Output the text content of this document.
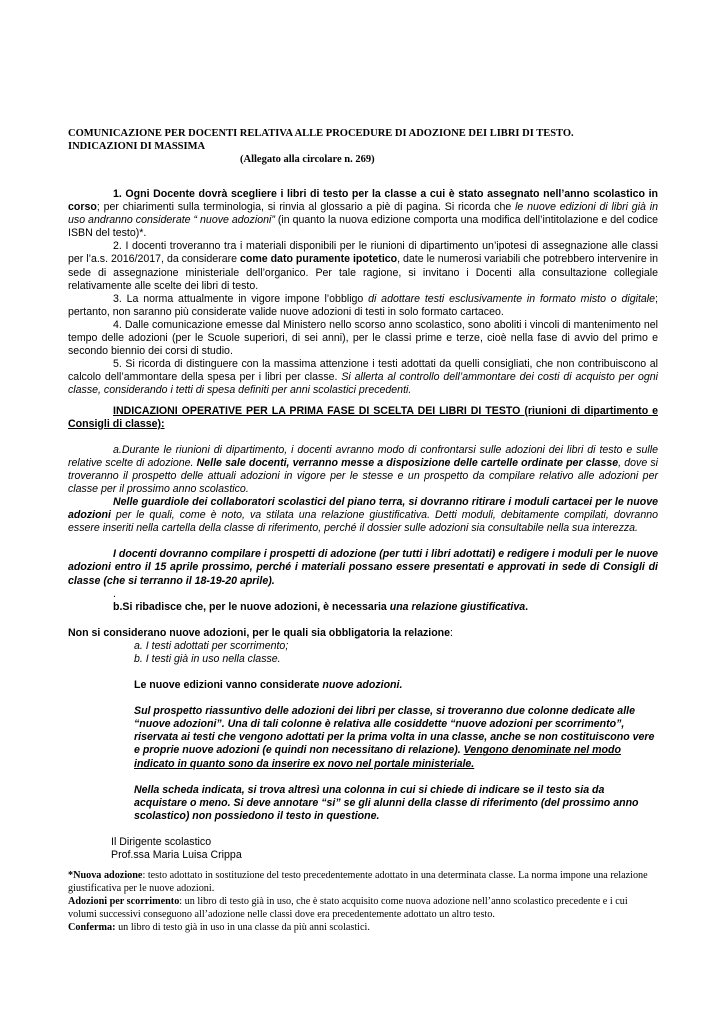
COMUNICAZIONE PER DOCENTI RELATIVA ALLE PROCEDURE DI ADOZIONE DEI LIBRI DI TESTO.
INDICAZIONI DI MASSIMA

(Allegato alla circolare n. 269)

1. Ogni Docente dovrà scegliere i libri di testo per la classe a cui è stato assegnato nell’anno scolastico in corso; per chiarimenti sulla terminologia, si rinvia al glossario a piè di pagina. Si ricorda che le nuove edizioni di libri già in uso andranno considerate “ nuove adozioni” (in quanto la nuova edizione comporta una modifica dell’intitolazione e del codice ISBN del testo)*.

2. I docenti troveranno tra i materiali disponibili per le riunioni di dipartimento un’ipotesi di assegnazione alle classi per l’a.s. 2016/2017, da considerare come dato puramente ipotetico, date le numerosi variabili che potrebbero intervenire in sede di assegnazione ministeriale dell’organico. Per tale ragione, si invitano i Docenti alla consultazione collegiale relativamente alle scelte dei libri di testo.

3. La norma attualmente in vigore impone l’obbligo di adottare testi esclusivamente in formato misto o digitale; pertanto, non saranno più considerate valide nuove adozioni di testi in solo formato cartaceo.

4. Dalle comunicazione emesse dal Ministero nello scorso anno scolastico, sono aboliti i vincoli di mantenimento nel tempo delle adozioni (per le Scuole superiori, di sei anni), per le classi prime e terze, cioè nella fase di avvio del primo e secondo biennio dei corsi di studio.

5. Si ricorda di distinguere con la massima attenzione i testi adottati da quelli consigliati, che non contribuiscono al calcolo dell’ammontare della spesa per i libri per classe. Si allerta al controllo dell’ammontare dei costi di acquisto per ogni classe, considerando i tetti di spesa definiti per anni scolastici precedenti.

INDICAZIONI OPERATIVE PER LA PRIMA FASE DI SCELTA DEI LIBRI DI TESTO (riunioni di dipartimento e Consigli di classe):

a.Durante le riunioni di dipartimento, i docenti avranno modo di confrontarsi sulle adozioni dei libri di testo e sulle relative scelte di adozione. Nelle sale docenti, verranno messe a disposizione delle cartelle ordinate per classe, dove si troveranno il prospetto delle attuali adozioni in vigore per le stesse e un prospetto da compilare relativo alle adozioni per classe per il prossimo anno scolastico.

Nelle guardiole dei collaboratori scolastici del piano terra, si dovranno ritirare i moduli cartacei per le nuove adozioni per le quali, come è noto, va stilata una relazione giustificativa. Detti moduli, debitamente compilati, dovranno essere inseriti nella cartella della classe di riferimento, perché il dossier sulle adozioni sia consultabile nella sua interezza.

I docenti dovranno compilare i prospetti di adozione (per tutti i libri adottati) e redigere i moduli per le nuove adozioni entro il 15 aprile prossimo, perché i materiali possano essere presentati e approvati in sede di Consigli di classe (che si terranno il 18-19-20 aprile).

.

b.Si ribadisce che, per le nuove adozioni, è necessaria una relazione giustificativa.

Non si considerano nuove adozioni, per le quali sia obbligatoria la relazione:

a. I testi adottati per scorrimento;

b. I testi già in uso nella classe.

Le nuove edizioni vanno considerate nuove adozioni.

Sul prospetto riassuntivo delle adozioni dei libri per classe, si troveranno due colonne dedicate alle “nuove adozioni”. Una di tali colonne è relativa alle cosiddette “nuove adozioni per scorrimento”, riservata ai testi che vengono adottati per la prima volta in una classe, anche se non costituiscono vere e proprie nuove adozioni (e quindi non necessitano di relazione). Vengono denominate nel modo indicato in quanto sono da inserire ex novo nel portale ministeriale.

Nella scheda indicata, si trova altresì una colonna in cui si chiede di indicare se il testo sia da acquistare o meno. Si deve annotare “si” se gli alunni della classe di riferimento (del prossimo anno scolastico) non possiedono il testo in questione.

Il Dirigente scolastico

Prof.ssa Maria Luisa Crippa

*Nuova adozione: testo adottato in sostituzione del testo precedentemente adottato in una determinata classe. La norma impone una relazione giustificativa per le nuove adozioni.

Adozioni per scorrimento: un libro di testo già in uso, che è stato acquisito come nuova adozione nell’anno scolastico precedente e i cui volumi successivi conseguono all’adozione nelle classi dove era precedentemente adottato un altro testo.

Conferma: un libro di testo già in uso in una classe da più anni scolastici.
